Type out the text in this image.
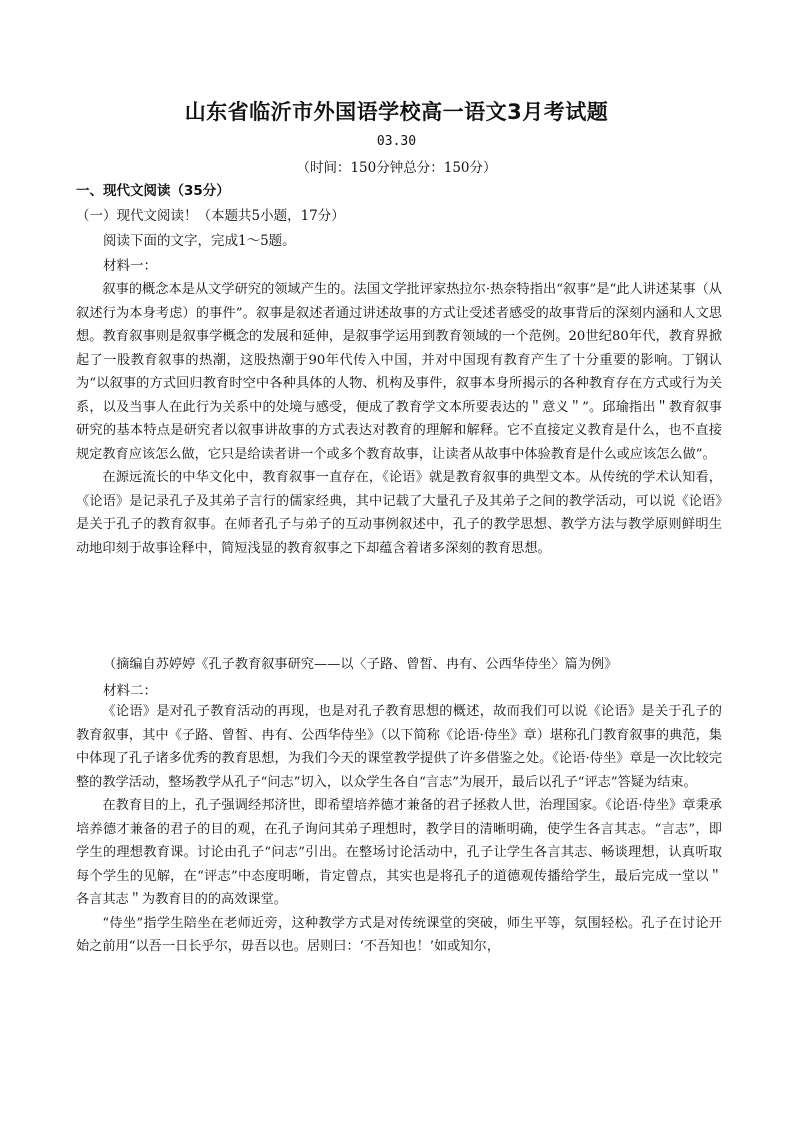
山东省临沂市外国语学校高一语文3月考试题
03.30
（时间：150分钟总分：150分）
一、现代文阅读（35分）
（一）现代文阅读！（本题共5小题，17分）
阅读下面的文字，完成1～5题。
材料一：

叙事的概念本是从文学研究的领域产生的。法国文学批评家热拉尔·热奈特指出“叙事”是“此人讲述某事（从叙述行为本身考虑）的事件”。叙事是叙述者通过讲述故事的方式让受述者感受的故事背后的深刻内涵和人文思想。教育叙事则是叙事学概念的发展和延伸，是叙事学运用到教育领域的一个范例。20世纪80年代，教育界掀起了一股教育叙事的热潮，这股热潮于90年代传入中国，并对中国现有教育产生了十分重要的影响。丁钢认为“以叙事的方式回归教育时空中各种具体的人物、机构及事件，叙事本身所揭示的各种教育存在方式或行为关系，以及当事人在此行为关系中的处境与感受，便成了教育学文本所要表达的＂意义＂”。邱瑜指出＂教育叙事研究的基本特点是研究者以叙事讲故事的方式表达对教育的理解和解释。它不直接定义教育是什么，也不直接规定教育应该怎么做，它只是给读者讲一个或多个教育故事，让读者从故事中体验教育是什么或应该怎么做”。

在源远流长的中华文化中，教育叙事一直存在，《论语》就是教育叙事的典型文本。从传统的学术认知看，《论语》是记录孔子及其弟子言行的儒家经典，其中记载了大量孔子及其弟子之间的教学活动，可以说《论语》是关于孔子的教育叙事。在师者孔子与弟子的互动事例叙述中，孔子的教学思想、教学方法与教学原则鲜明生动地印刻于故事诠释中，简短浅显的教育叙事之下却蕴含着诸多深刻的教育思想。

（摘编自苏婷婷《孔子教育叙事研究——以〈子路、曾皙、冉有、公西华侍坐〉篇为例》
材料二：

《论语》是对孔子教育活动的再现，也是对孔子教育思想的概述，故而我们可以说《论语》是关于孔子的教育叙事，其中《子路、曾皙、冉有、公西华侍坐》（以下简称《论语·侍坐》章）堪称孔门教育叙事的典范，集中体现了孔子诸多优秀的教育思想，为我们今天的课堂教学提供了许多借鉴之处。《论语·侍坐》章是一次比较完整的教学活动，整场教学从孔子“问志”切入，以众学生各自“言志”为展开，最后以孔子“评志”答疑为结束。

在教育目的上，孔子强调经邦济世，即希望培养德才兼备的君子拯救人世，治理国家。《论语·侍坐》章秉承培养德才兼备的君子的目的观，在孔子询问其弟子理想时，教学目的清晰明确，使学生各言其志。“言志”，即学生的理想教育课。讨论由孔子“问志”引出。在整场讨论活动中，孔子让学生各言其志、畅谈理想，认真听取每个学生的见解，在“评志”中态度明晰，肯定曾点，其实也是将孔子的道德观传播给学生，最后完成一堂以＂各言其志＂为教育目的的高效课堂。

“侍坐”指学生陪坐在老师近旁，这种教学方式是对传统课堂的突破，师生平等，氛围轻松。孔子在讨论开始之前用“以吾一日长乎尔，毋吾以也。居则曰：‘不吾知也！’如或知尔，
